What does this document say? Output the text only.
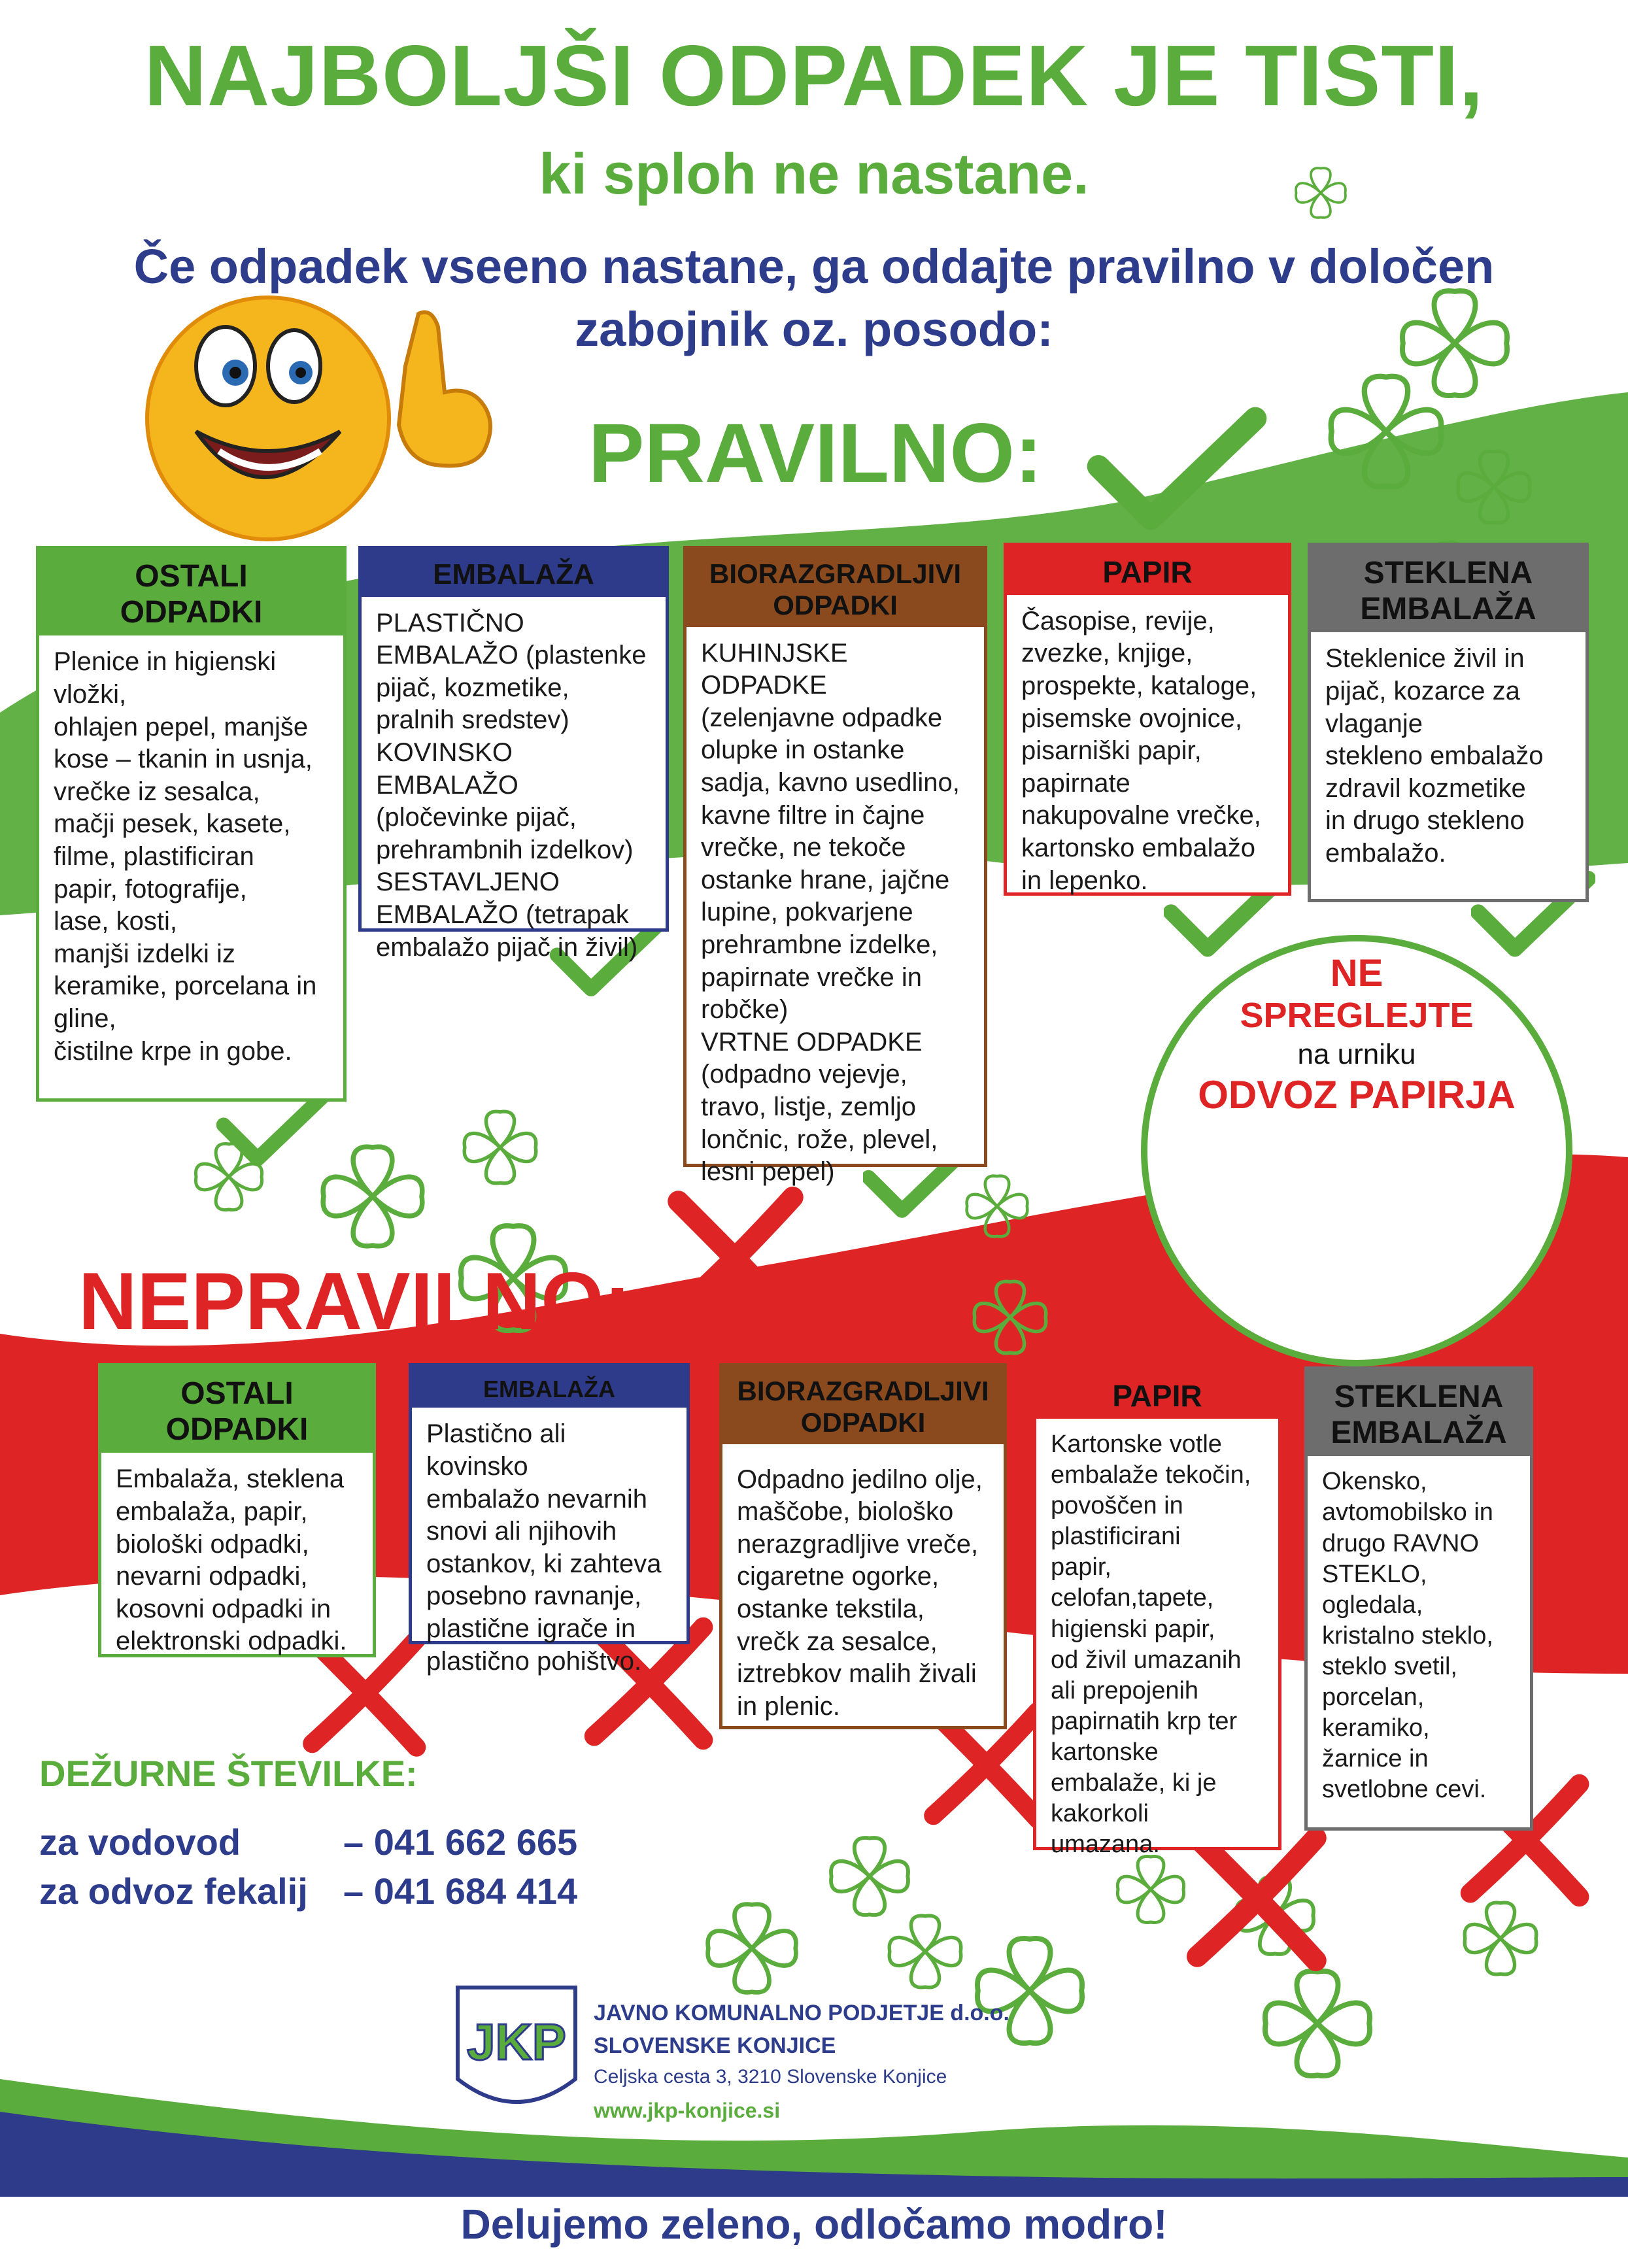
JKP
NAJBOLJŠI ODPADEK JE TISTI,
ki sploh ne nastane.
Če odpadek vseeno nastane, ga oddajte pravilno v določen
zabojnik oz. posodo:
PRAVILNO:
OSTALI
ODPADKI
Plenice in higienski
vložki,
ohlajen pepel, manjše
kose – tkanin in usnja,
vrečke iz sesalca,
mačji pesek, kasete,
filme, plastificiran
papir, fotografije,
lase, kosti,
manjši izdelki iz
keramike, porcelana in
gline,
čistilne krpe in gobe.
EMBALAŽA
PLASTIČNO
EMBALAŽO (plastenke
pijač, kozmetike,
pralnih sredstev)
KOVINSKO EMBALAŽO
(pločevinke pijač,
prehrambnih izdelkov)
SESTAVLJENO
EMBALAŽO (tetrapak
embalažo pijač in živil)
BIORAZGRADLJIVI
ODPADKI
KUHINJSKE ODPADKE
(zelenjavne odpadke
olupke in ostanke
sadja, kavno usedlino,
kavne filtre in čajne
vrečke, ne tekoče
ostanke hrane, jajčne
lupine, pokvarjene
prehrambne izdelke,
papirnate vrečke in
robčke)
VRTNE ODPADKE
(odpadno vejevje,
travo, listje, zemljo
lončnic, rože, plevel,
lesni pepel)
PAPIR
Časopise, revije,
zvezke, knjige,
prospekte, kataloge,
pisemske ovojnice,
pisarniški papir,
papirnate
nakupovalne vrečke,
kartonsko embalažo
in lepenko.
STEKLENA
EMBALAŽA
Steklenice živil in
pijač, kozarce za
vlaganje
stekleno embalažo
zdravil kozmetike
in drugo stekleno
embalažo.
NE
SPREGLEJTE
na urniku
ODVOZ PAPIRJA
NEPRAVILNO:
OSTALI
ODPADKI
Embalaža, steklena
embalaža, papir,
biološki odpadki,
nevarni odpadki,
kosovni odpadki in
elektronski odpadki.
EMBALAŽA
Plastično ali kovinsko
embalažo nevarnih
snovi ali njihovih
ostankov, ki zahteva
posebno ravnanje,
plastične igrače in
plastično pohištvo.
BIORAZGRADLJIVI
ODPADKI
Odpadno jedilno olje,
maščobe, biološko
nerazgradljive vreče,
cigaretne ogorke,
ostanke tekstila,
vrečk za sesalce,
iztrebkov malih živali
in plenic.
PAPIR
Kartonske votle
embalaže tekočin,
povoščen in
plastificirani
papir,
celofan,tapete,
higienski papir,
od živil umazanih
ali prepojenih
papirnatih krp ter
kartonske
embalaže, ki je
kakorkoli umazana.
STEKLENA
EMBALAŽA
Okensko,
avtomobilsko in
drugo RAVNO
STEKLO,
ogledala,
kristalno steklo,
steklo svetil,
porcelan,
keramiko,
žarnice in
svetlobne cevi.
DEŽURNE ŠTEVILKE:
za vodovod	– 041 662 665
za odvoz fekalij – 041 684 414
JAVNO KOMUNALNO PODJETJE d.o.o.
SLOVENSKE KONJICE
Celjska cesta 3, 3210 Slovenske Konjice
www.jkp-konjice.si
Delujemo zeleno, odločamo modro!
